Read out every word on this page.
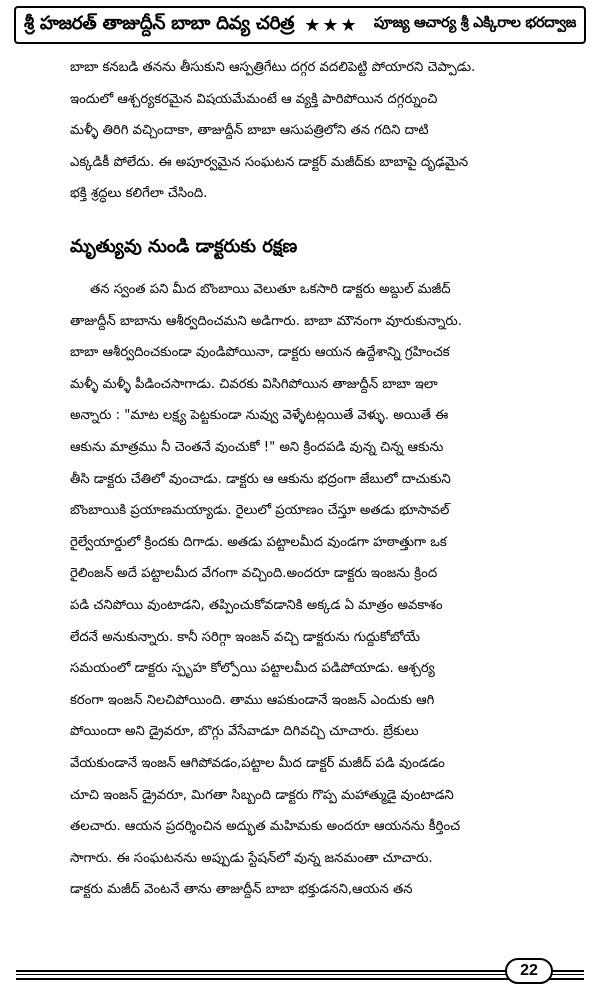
శ్రీ హజరత్ తాజుద్దీన్ బాబా దివ్య చరిత్ర ★★★ పూజ్య ఆచార్య శ్రీ ఎక్కిరాల భరద్వాజ
బాబా కనబడి తనను తీసుకుని ఆస్పత్రిగేటు దగ్గర వదలిపెట్టి పోయారని చెప్పాడు.
ఇందులో ఆశ్చర్యకరమైన విషయమేమంటే ఆ వ్యక్తి పారిపోయిన దగ్గర్నుంచి
మళ్ళీ తిరిగి వచ్చిందాకా, తాజుద్దీన్ బాబా ఆసుపత్రిలోని తన గదిని దాటి
ఎక్కడికీ పోలేదు. ఈ అపూర్వమైన సంఘటన డాక్టర్ మజీద్‌కు బాబాపై దృఢమైన
భక్తి శ్రద్ధలు కలిగేలా చేసింది.
మృత్యువు నుండి డాక్టరుకు రక్షణ
తన స్వంత పని మీద బొంబాయి వెలుతూ ఒకసారి డాక్టరు అబ్దుల్ మజీద్
తాజుద్దీన్ బాబాను ఆశీర్వదించమని అడిగారు. బాబా మౌనంగా వూరుకున్నారు.
బాబా ఆశీర్వదించకుండా వుండిపోయినా, డాక్టరు ఆయన ఉద్దేశాన్ని గ్రహించక
మళ్ళీ మళ్ళీ పీడించసాగాడు. చివరకు విసిగిపోయిన తాజుద్దీన్ బాబా ఇలా
అన్నారు : "మాట లక్ష్య పెట్టకుండా నువ్వు వెళ్ళేటట్లయితే వెళ్ళు. అయితే ఈ
ఆకును మాత్రము నీ చెంతనే వుంచుకో !" అని క్రిందపడి వున్న చిన్న ఆకును
తీసి డాక్టరు చేతిలో వుంచాడు. డాక్టరు ఆ ఆకును భద్రంగా జేబులో దాచుకుని
బొంబాయికి ప్రయాణమయ్యాడు. రైలులో ప్రయాణం చేస్తూ అతడు భూసావల్
రైల్వేయార్డులో క్రిందకు దిగాడు. అతడు పట్టాలమీద వుండగా హఠాత్తుగా ఒక
రైలింజన్ అదే పట్టాలమీద వేగంగా వచ్చింది.అందరూ డాక్టరు ఇంజను క్రింద
పడి చనిపోయి వుంటాడని, తప్పించుకోవడానికి అక్కడ ఏ మాత్రం అవకాశం
లేదనే అనుకున్నారు. కానీ సరిగ్గా ఇంజన్ వచ్చి డాక్టరును గుద్దుకోబోయే
సమయంలో డాక్టరు స్పృహ కోల్పోయి పట్టాలమీద పడిపోయాడు. ఆశ్చర్య
కరంగా ఇంజన్ నిలచిపోయింది. తాము ఆపకుండానే ఇంజన్ ఎందుకు ఆగి
పోయిందా అని డ్రైవరూ, బొగ్గు వేసేవాడూ దిగివచ్చి చూచారు. బ్రేకులు
వేయకుండానే ఇంజన్ ఆగిపోవడం,పట్టాల మీద డాక్టర్ మజీద్ పడి వుండడం
చూచి ఇంజన్ డ్రైవరూ, మిగతా సిబ్బంది డాక్టరు గొప్ప మహాత్ముడై వుంటాడని
తలచారు. ఆయన ప్రదర్శించిన అద్భుత మహిమకు అందరూ ఆయనను కీర్తించ
సాగారు. ఈ సంఘటనను అప్పుడు స్టేషన్‌లో వున్న జనమంతా చూచారు.
డాక్టరు మజీద్ వెంటనే తాను తాజుద్దీన్ బాబా భక్తుడనని,ఆయన తన
22
